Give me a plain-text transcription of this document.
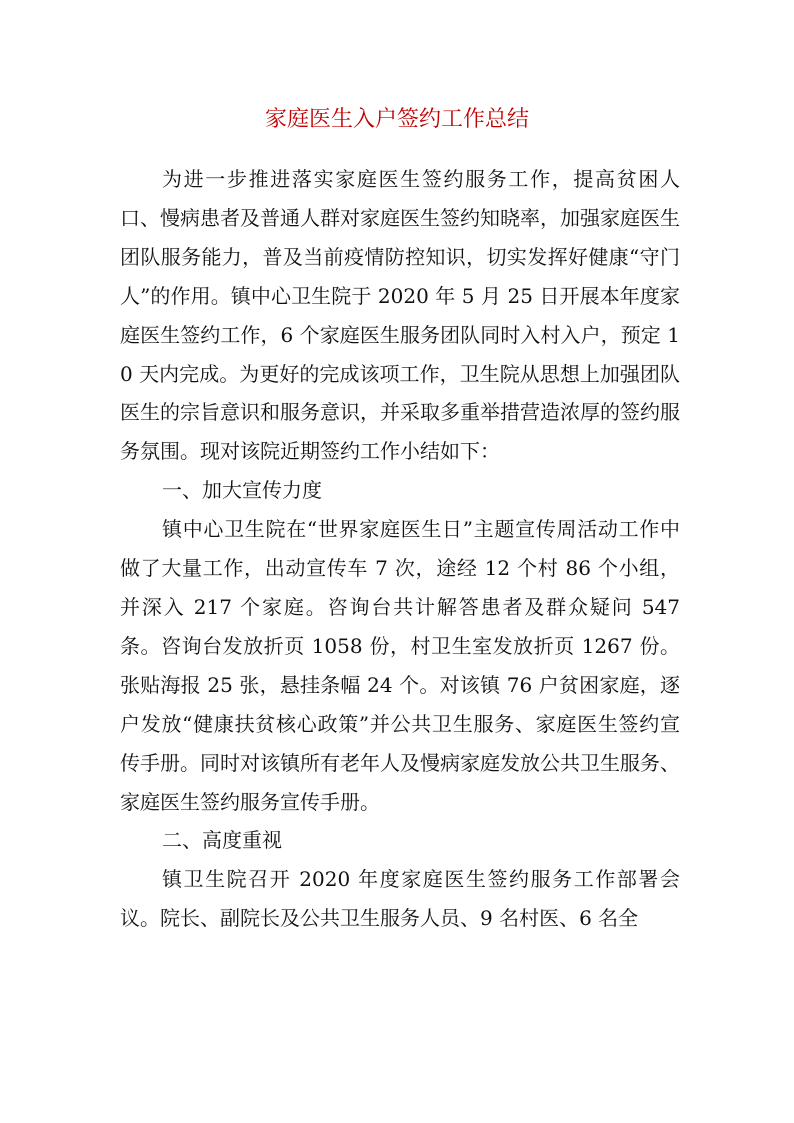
家庭医生入户签约工作总结

为进一步推进落实家庭医生签约服务工作，提高贫困人口、慢病患者及普通人群对家庭医生签约知晓率，加强家庭医生团队服务能力，普及当前疫情防控知识，切实发挥好健康“守门人”的作用。镇中心卫生院于 2020 年 5 月 25 日开展本年度家庭医生签约工作，6 个家庭医生服务团队同时入村入户，预定 10 天内完成。为更好的完成该项工作，卫生院从思想上加强团队医生的宗旨意识和服务意识，并采取多重举措营造浓厚的签约服务氛围。现对该院近期签约工作小结如下：

一、加大宣传力度

镇中心卫生院在“世界家庭医生日”主题宣传周活动工作中做了大量工作，出动宣传车 7 次，途经 12 个村 86 个小组，并深入 217 个家庭。咨询台共计解答患者及群众疑问 547 条。咨询台发放折页 1058 份，村卫生室发放折页 1267 份。张贴海报 25 张，悬挂条幅 24 个。对该镇 76 户贫困家庭，逐户发放“健康扶贫核心政策”并公共卫生服务、家庭医生签约宣传手册。同时对该镇所有老年人及慢病家庭发放公共卫生服务、家庭医生签约服务宣传手册。

二、高度重视

镇卫生院召开 2020 年度家庭医生签约服务工作部署会议。院长、副院长及公共卫生服务人员、9 名村医、6 名全
